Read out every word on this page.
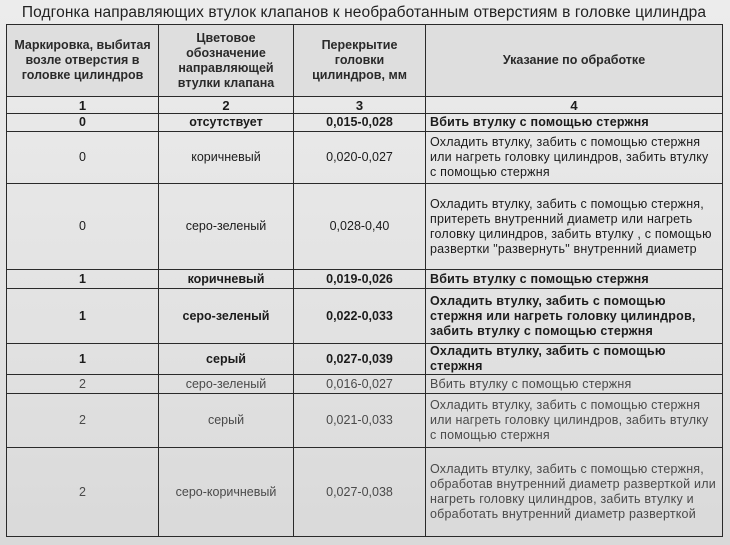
Подгонка направляющих втулок клапанов к необработанным отверстиям в головке цилиндра
Маркировка, выбитая возле отверстия в головке цилиндров	Цветовое обозначение направляющей втулки клапана	Перекрытие головки цилиндров, мм	Указание по обработке
1	2	3	4
0	отсутствует	0,015-0,028	Вбить втулку с помощью стержня
0	коричневый	0,020-0,027	Охладить втулку, забить с помощью стержня или нагреть головку цилиндров, забить втулку с помощью стержня
0	серо-зеленый	0,028-0,40	Охладить втулку, забить с помощью стержня, притереть внутренний диаметр или нагреть головку цилиндров, забить втулку , с помощью развертки "развернуть" внутренний диаметр
1	коричневый	0,019-0,026	Вбить втулку с помощью стержня
1	серо-зеленый	0,022-0,033	Охладить втулку, забить с помощью стержня или нагреть головку цилиндров, забить втулку с помощью стержня
1	серый	0,027-0,039	Охладить втулку, забить с помощью стержня
2	серо-зеленый	0,016-0,027	Вбить втулку с помощью стержня
2	серый	0,021-0,033	Охладить втулку, забить с помощью стержня или нагреть головку цилиндров, забить втулку с помощью стержня
2	серо-коричневый	0,027-0,038	Охладить втулку, забить с помощью стержня, обработав внутренний диаметр разверткой или нагреть головку цилиндров, забить втулку и обработать внутренний диаметр разверткой
